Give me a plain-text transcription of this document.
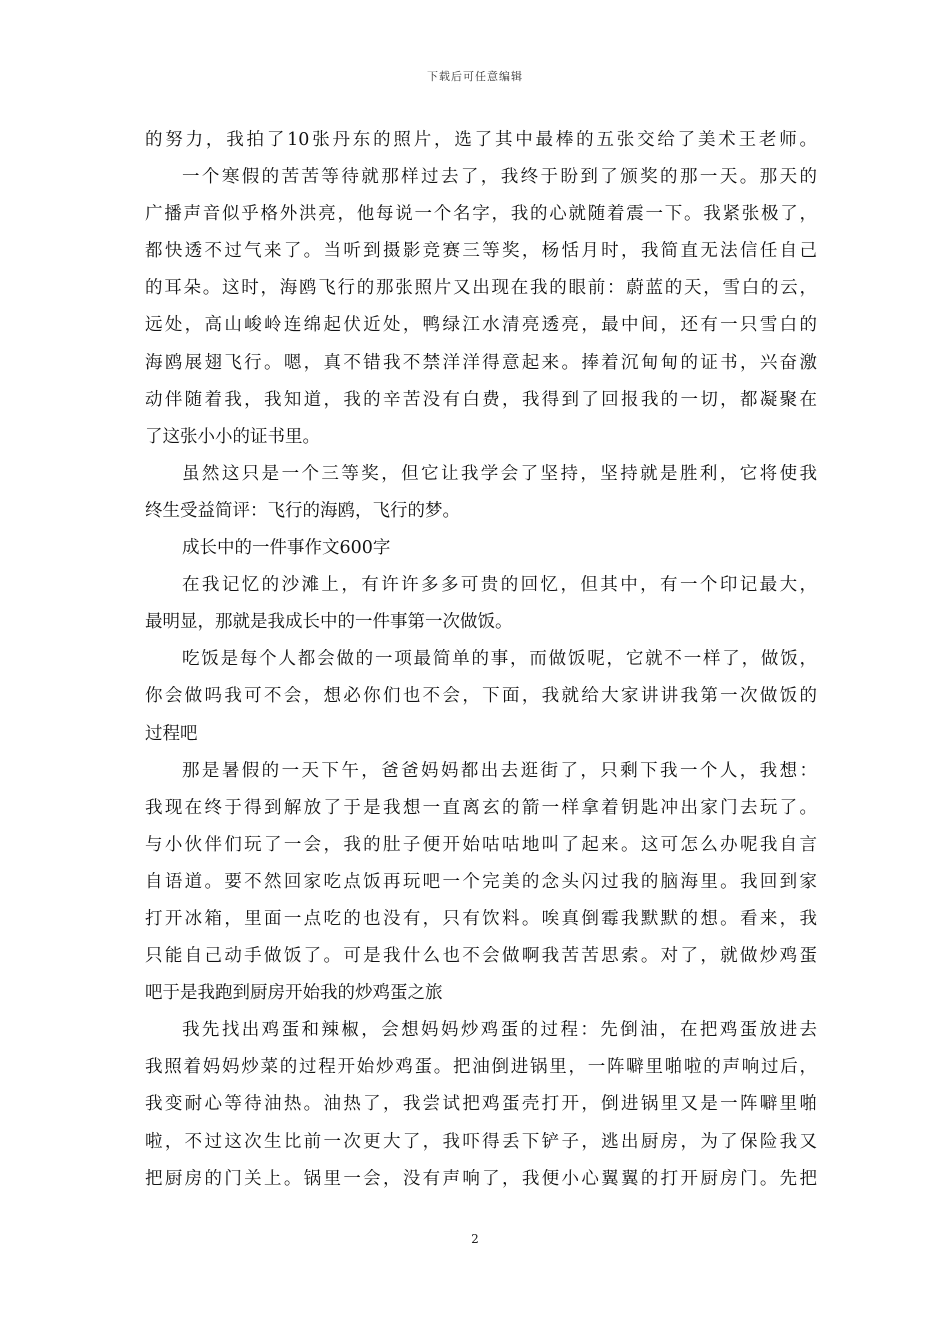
下载后可任意编辑
的努力，我拍了10张丹东的照片，选了其中最棒的五张交给了美术王老师。
一个寒假的苦苦等待就那样过去了，我终于盼到了颁奖的那一天。那天的
广播声音似乎格外洪亮，他每说一个名字，我的心就随着震一下。我紧张极了，
都快透不过气来了。当听到摄影竞赛三等奖，杨恬月时，我简直无法信任自己
的耳朵。这时，海鸥飞行的那张照片又出现在我的眼前：蔚蓝的天，雪白的云，
远处，高山峻岭连绵起伏近处，鸭绿江水清亮透亮，最中间，还有一只雪白的
海鸥展翅飞行。嗯，真不错我不禁洋洋得意起来。捧着沉甸甸的证书，兴奋激
动伴随着我，我知道，我的辛苦没有白费，我得到了回报我的一切，都凝聚在
了这张小小的证书里。
虽然这只是一个三等奖，但它让我学会了坚持，坚持就是胜利，它将使我
终生受益简评：飞行的海鸥，飞行的梦。
成长中的一件事作文600字
在我记忆的沙滩上，有许许多多可贵的回忆，但其中，有一个印记最大，
最明显，那就是我成长中的一件事第一次做饭。
吃饭是每个人都会做的一项最简单的事，而做饭呢，它就不一样了，做饭，
你会做吗我可不会，想必你们也不会，下面，我就给大家讲讲我第一次做饭的
过程吧
那是暑假的一天下午，爸爸妈妈都出去逛街了，只剩下我一个人，我想：
我现在终于得到解放了于是我想一直离玄的箭一样拿着钥匙冲出家门去玩了。
与小伙伴们玩了一会，我的肚子便开始咕咕地叫了起来。这可怎么办呢我自言
自语道。要不然回家吃点饭再玩吧一个完美的念头闪过我的脑海里。我回到家
打开冰箱，里面一点吃的也没有，只有饮料。唉真倒霉我默默的想。看来，我
只能自己动手做饭了。可是我什么也不会做啊我苦苦思索。对了，就做炒鸡蛋
吧于是我跑到厨房开始我的炒鸡蛋之旅
我先找出鸡蛋和辣椒，会想妈妈炒鸡蛋的过程：先倒油，在把鸡蛋放进去
我照着妈妈炒菜的过程开始炒鸡蛋。把油倒进锅里，一阵噼里啪啦的声响过后，
我变耐心等待油热。油热了，我尝试把鸡蛋壳打开，倒进锅里又是一阵噼里啪
啦，不过这次生比前一次更大了，我吓得丢下铲子，逃出厨房，为了保险我又
把厨房的门关上。锅里一会，没有声响了，我便小心翼翼的打开厨房门。先把
2
